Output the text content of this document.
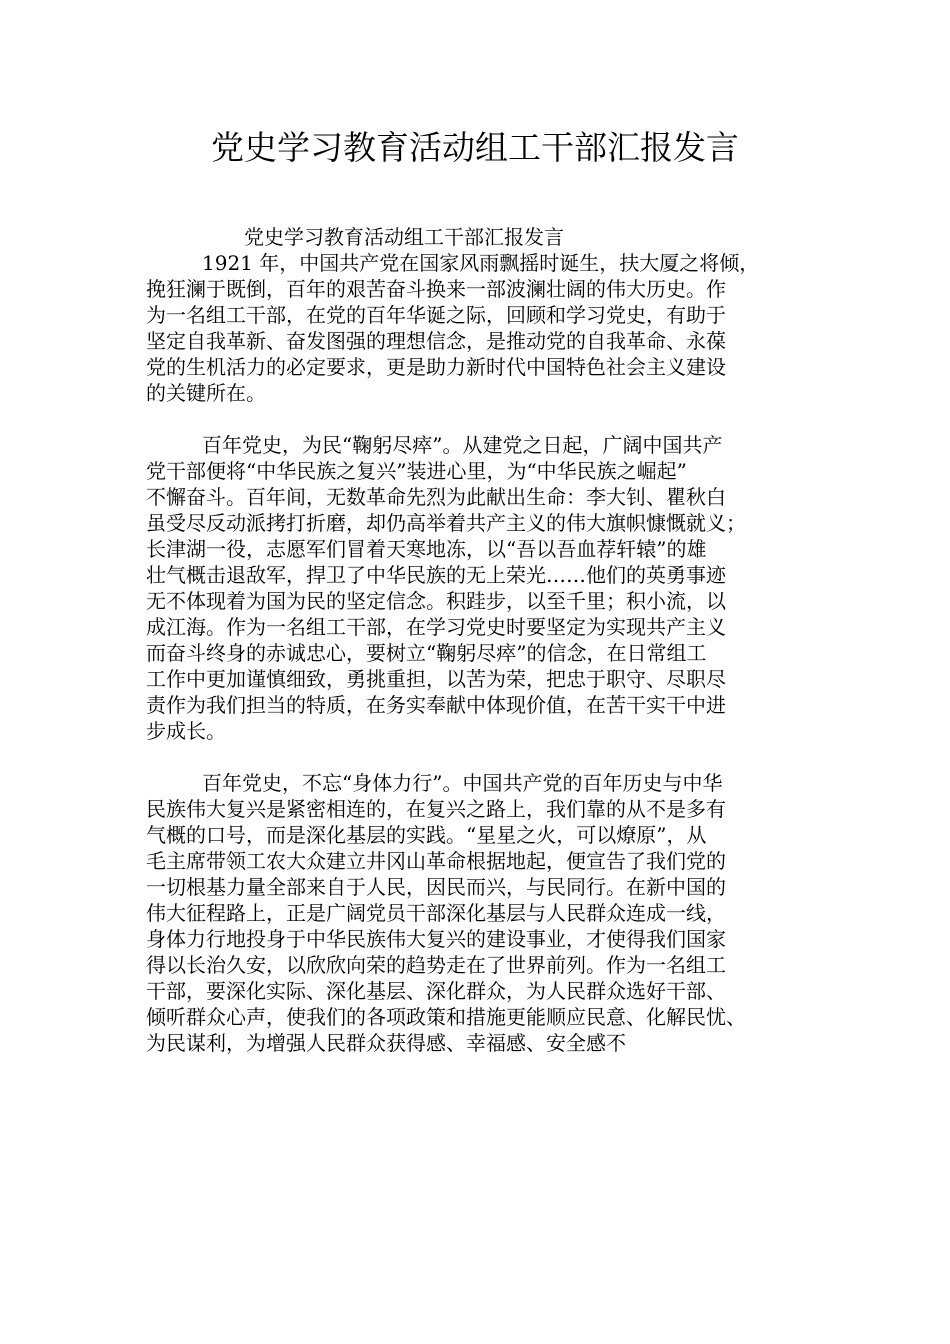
党史学习教育活动组工干部汇报发言
党史学习教育活动组工干部汇报发言
1921 年，中国共产党在国家风雨飘摇时诞生，扶大厦之将倾，
挽狂澜于既倒，百年的艰苦奋斗换来一部波澜壮阔的伟大历史。作
为一名组工干部，在党的百年华诞之际，回顾和学习党史，有助于
坚定自我革新、奋发图强的理想信念，是推动党的自我革命、永葆
党的生机活力的必定要求，更是助力新时代中国特色社会主义建设
的关键所在。
百年党史，为民“鞠躬尽瘁”。从建党之日起，广阔中国共产
党干部便将“中华民族之复兴”装进心里，为“中华民族之崛起”
不懈奋斗。百年间，无数革命先烈为此献出生命：李大钊、瞿秋白
虽受尽反动派拷打折磨，却仍高举着共产主义的伟大旗帜慷慨就义；
长津湖一役，志愿军们冒着天寒地冻，以“吾以吾血荐轩辕”的雄
壮气概击退敌军，捍卫了中华民族的无上荣光……他们的英勇事迹
无不体现着为国为民的坚定信念。积跬步，以至千里；积小流，以
成江海。作为一名组工干部，在学习党史时要坚定为实现共产主义
而奋斗终身的赤诚忠心，要树立“鞠躬尽瘁”的信念，在日常组工
工作中更加谨慎细致，勇挑重担，以苦为荣，把忠于职守、尽职尽
责作为我们担当的特质，在务实奉献中体现价值，在苦干实干中进
步成长。
百年党史，不忘“身体力行”。中国共产党的百年历史与中华
民族伟大复兴是紧密相连的，在复兴之路上，我们靠的从不是多有
气概的口号，而是深化基层的实践。“星星之火，可以燎原”，从
毛主席带领工农大众建立井冈山革命根据地起，便宣告了我们党的
一切根基力量全部来自于人民，因民而兴，与民同行。在新中国的
伟大征程路上，正是广阔党员干部深化基层与人民群众连成一线，
身体力行地投身于中华民族伟大复兴的建设事业，才使得我们国家
得以长治久安，以欣欣向荣的趋势走在了世界前列。作为一名组工
干部，要深化实际、深化基层、深化群众，为人民群众选好干部、
倾听群众心声，使我们的各项政策和措施更能顺应民意、化解民忧、
为民谋利，为增强人民群众获得感、幸福感、安全感不
